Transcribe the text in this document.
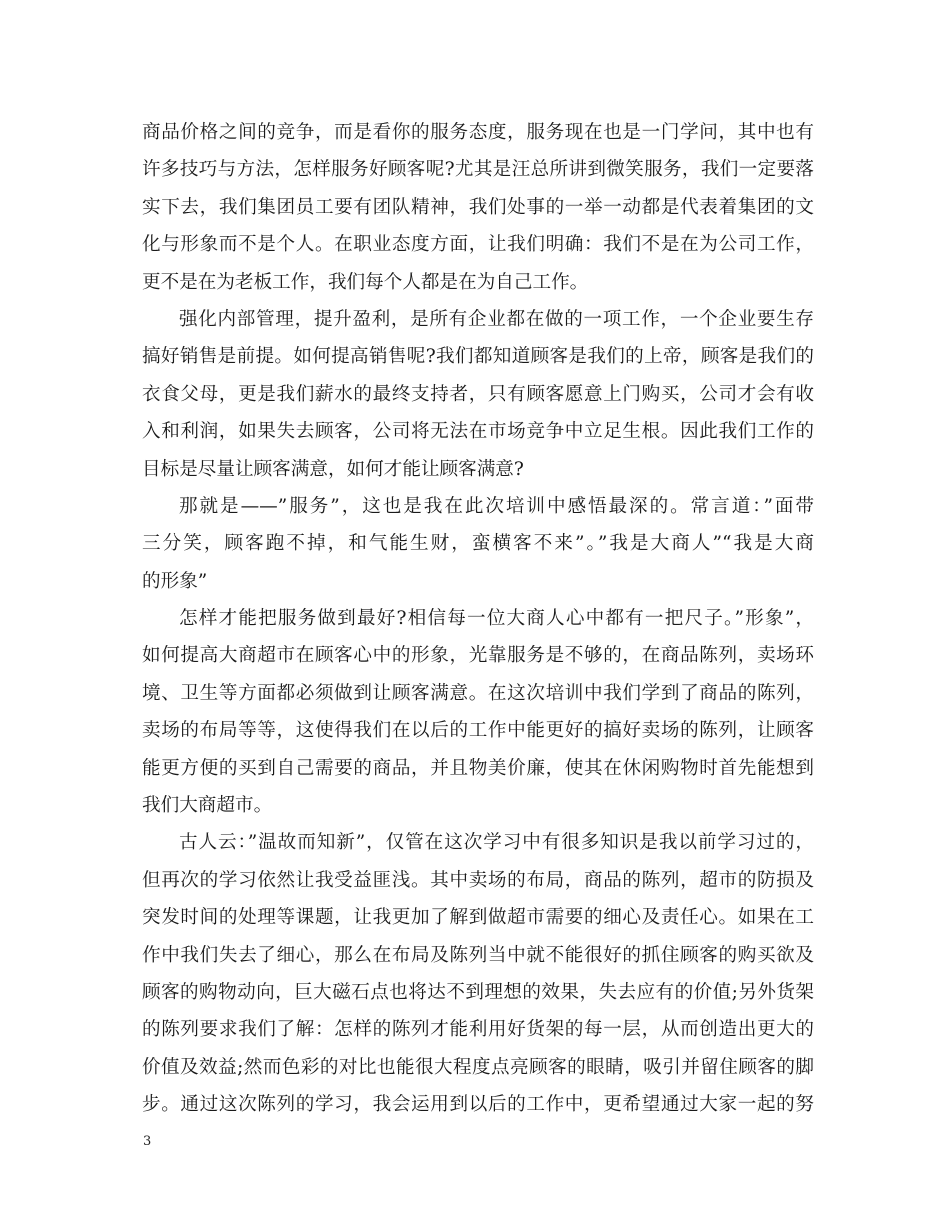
商品价格之间的竞争，而是看你的服务态度，服务现在也是一门学问，其中也有
许多技巧与方法，怎样服务好顾客呢?尤其是汪总所讲到微笑服务，我们一定要落
实下去，我们集团员工要有团队精神，我们处事的一举一动都是代表着集团的文
化与形象而不是个人。在职业态度方面，让我们明确：我们不是在为公司工作，
更不是在为老板工作，我们每个人都是在为自己工作。
强化内部管理，提升盈利，是所有企业都在做的一项工作，一个企业要生存
搞好销售是前提。如何提高销售呢?我们都知道顾客是我们的上帝，顾客是我们的
衣食父母，更是我们薪水的最终支持者，只有顾客愿意上门购买，公司才会有收
入和利润，如果失去顾客，公司将无法在市场竞争中立足生根。因此我们工作的
目标是尽量让顾客满意，如何才能让顾客满意?
那就是——”服务”，这也是我在此次培训中感悟最深的。常言道：”面带
三分笑，顾客跑不掉，和气能生财，蛮横客不来”。”我是大商人”“我是大商
的形象”
怎样才能把服务做到最好?相信每一位大商人心中都有一把尺子。”形象”，
如何提高大商超市在顾客心中的形象，光靠服务是不够的，在商品陈列，卖场环
境、卫生等方面都必须做到让顾客满意。在这次培训中我们学到了商品的陈列，
卖场的布局等等，这使得我们在以后的工作中能更好的搞好卖场的陈列，让顾客
能更方便的买到自己需要的商品，并且物美价廉，使其在休闲购物时首先能想到
我们大商超市。
古人云：”温故而知新”，仅管在这次学习中有很多知识是我以前学习过的，
但再次的学习依然让我受益匪浅。其中卖场的布局，商品的陈列，超市的防损及
突发时间的处理等课题，让我更加了解到做超市需要的细心及责任心。如果在工
作中我们失去了细心，那么在布局及陈列当中就不能很好的抓住顾客的购买欲及
顾客的购物动向，巨大磁石点也将达不到理想的效果，失去应有的价值;另外货架
的陈列要求我们了解：怎样的陈列才能利用好货架的每一层，从而创造出更大的
价值及效益;然而色彩的对比也能很大程度点亮顾客的眼睛，吸引并留住顾客的脚
步。通过这次陈列的学习，我会运用到以后的工作中，更希望通过大家一起的努
3
